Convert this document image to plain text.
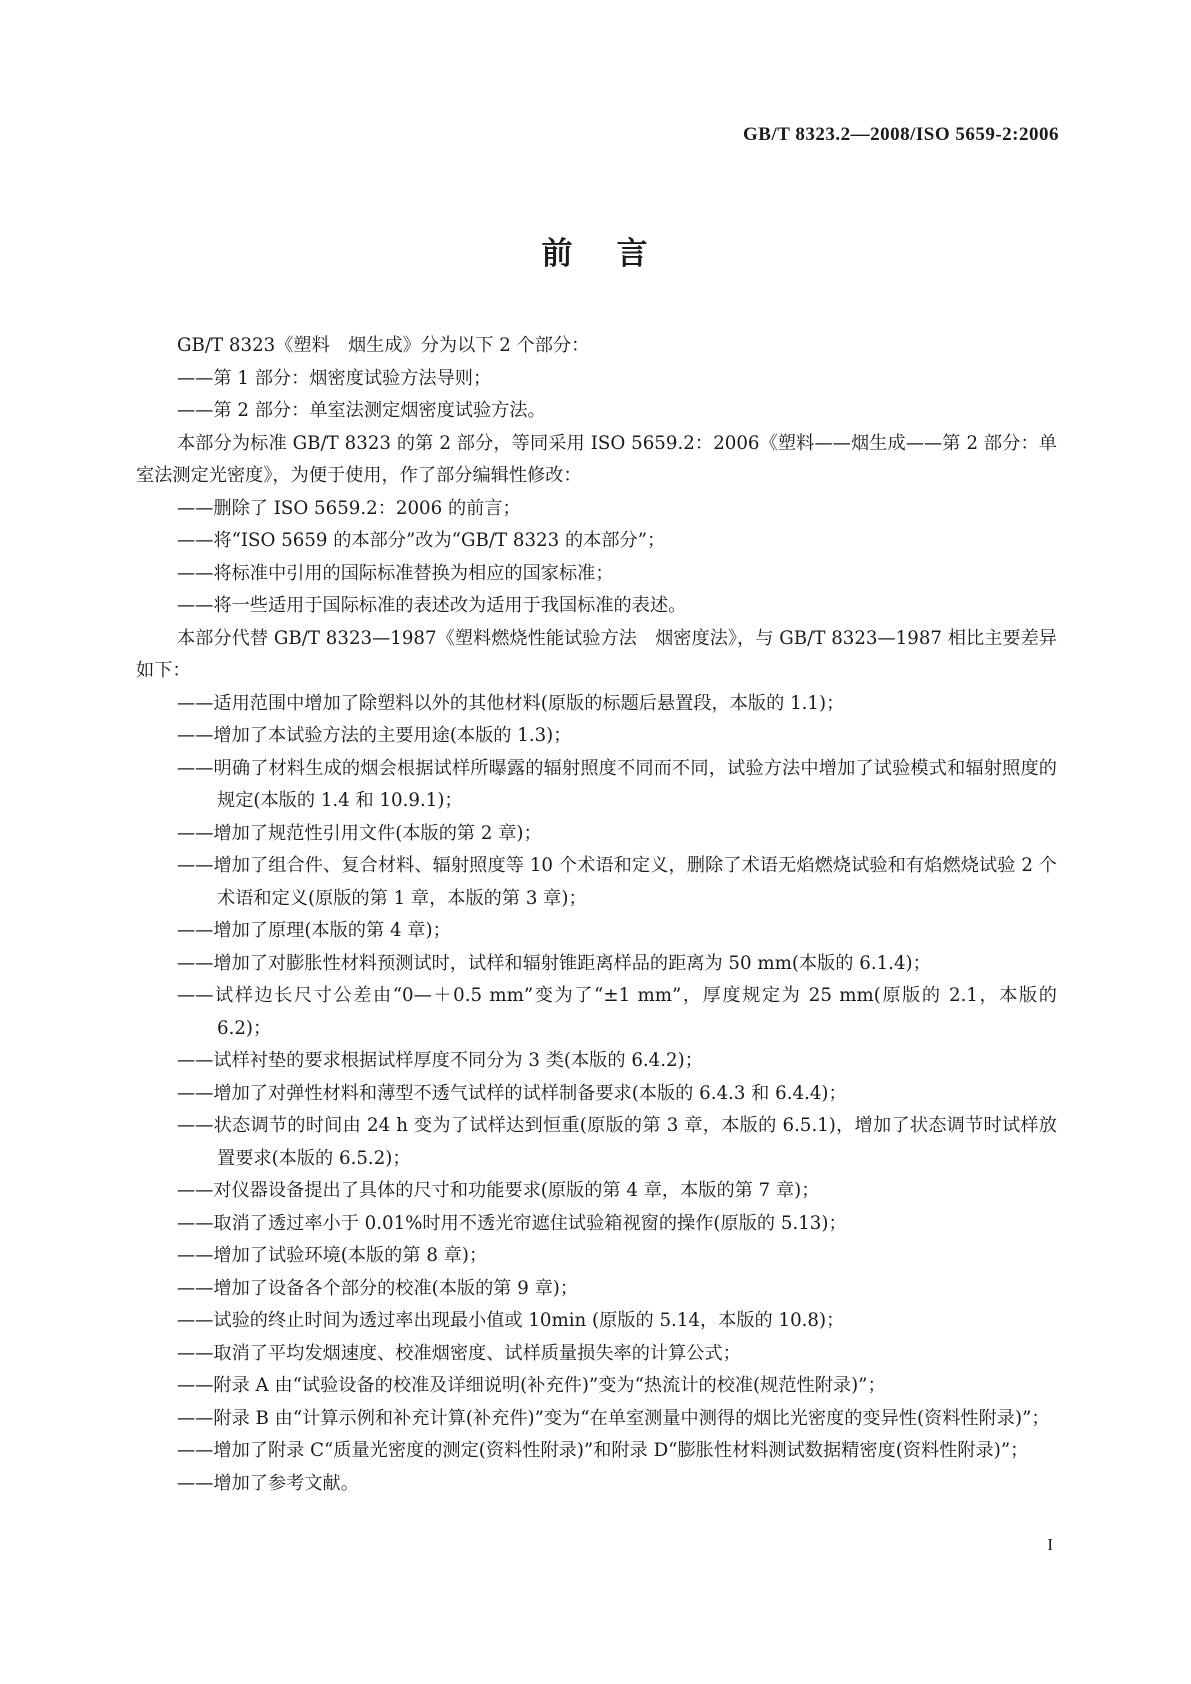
GB/T 8323.2—2008/ISO 5659-2:2006
前 言
GB/T 8323《塑料　烟生成》分为以下 2 个部分：
——第 1 部分：烟密度试验方法导则；
——第 2 部分：单室法测定烟密度试验方法。
本部分为标准 GB/T 8323 的第 2 部分，等同采用 ISO 5659.2：2006《塑料——烟生成——第 2 部分：单室法测定光密度》，为便于使用，作了部分编辑性修改：
——删除了 ISO 5659.2：2006 的前言；
——将“ISO 5659 的本部分”改为“GB/T 8323 的本部分”；
——将标准中引用的国际标准替换为相应的国家标准；
——将一些适用于国际标准的表述改为适用于我国标准的表述。
本部分代替 GB/T 8323—1987《塑料燃烧性能试验方法　烟密度法》，与 GB/T 8323—1987 相比主要差异如下：
——适用范围中增加了除塑料以外的其他材料(原版的标题后悬置段，本版的 1.1)；
——增加了本试验方法的主要用途(本版的 1.3)；
——明确了材料生成的烟会根据试样所曝露的辐射照度不同而不同，试验方法中增加了试验模式和辐射照度的规定(本版的 1.4 和 10.9.1)；
——增加了规范性引用文件(本版的第 2 章)；
——增加了组合件、复合材料、辐射照度等 10 个术语和定义，删除了术语无焰燃烧试验和有焰燃烧试验 2 个术语和定义(原版的第 1 章，本版的第 3 章)；
——增加了原理(本版的第 4 章)；
——增加了对膨胀性材料预测试时，试样和辐射锥距离样品的距离为 50 mm(本版的 6.1.4)；
——试样边长尺寸公差由“0—＋0.5 mm”变为了“±1 mm”，厚度规定为 25 mm(原版的 2.1，本版的 6.2)；
——试样衬垫的要求根据试样厚度不同分为 3 类(本版的 6.4.2)；
——增加了对弹性材料和薄型不透气试样的试样制备要求(本版的 6.4.3 和 6.4.4)；
——状态调节的时间由 24 h 变为了试样达到恒重(原版的第 3 章，本版的 6.5.1)，增加了状态调节时试样放置要求(本版的 6.5.2)；
——对仪器设备提出了具体的尺寸和功能要求(原版的第 4 章，本版的第 7 章)；
——取消了透过率小于 0.01%时用不透光帘遮住试验箱视窗的操作(原版的 5.13)；
——增加了试验环境(本版的第 8 章)；
——增加了设备各个部分的校准(本版的第 9 章)；
——试验的终止时间为透过率出现最小值或 10min (原版的 5.14，本版的 10.8)；
——取消了平均发烟速度、校准烟密度、试样质量损失率的计算公式；
——附录 A 由“试验设备的校准及详细说明(补充件)”变为“热流计的校准(规范性附录)”；
——附录 B 由“计算示例和补充计算(补充件)”变为“在单室测量中测得的烟比光密度的变异性(资料性附录)”；
——增加了附录 C“质量光密度的测定(资料性附录)”和附录 D“膨胀性材料测试数据精密度(资料性附录)”；
——增加了参考文献。
I
